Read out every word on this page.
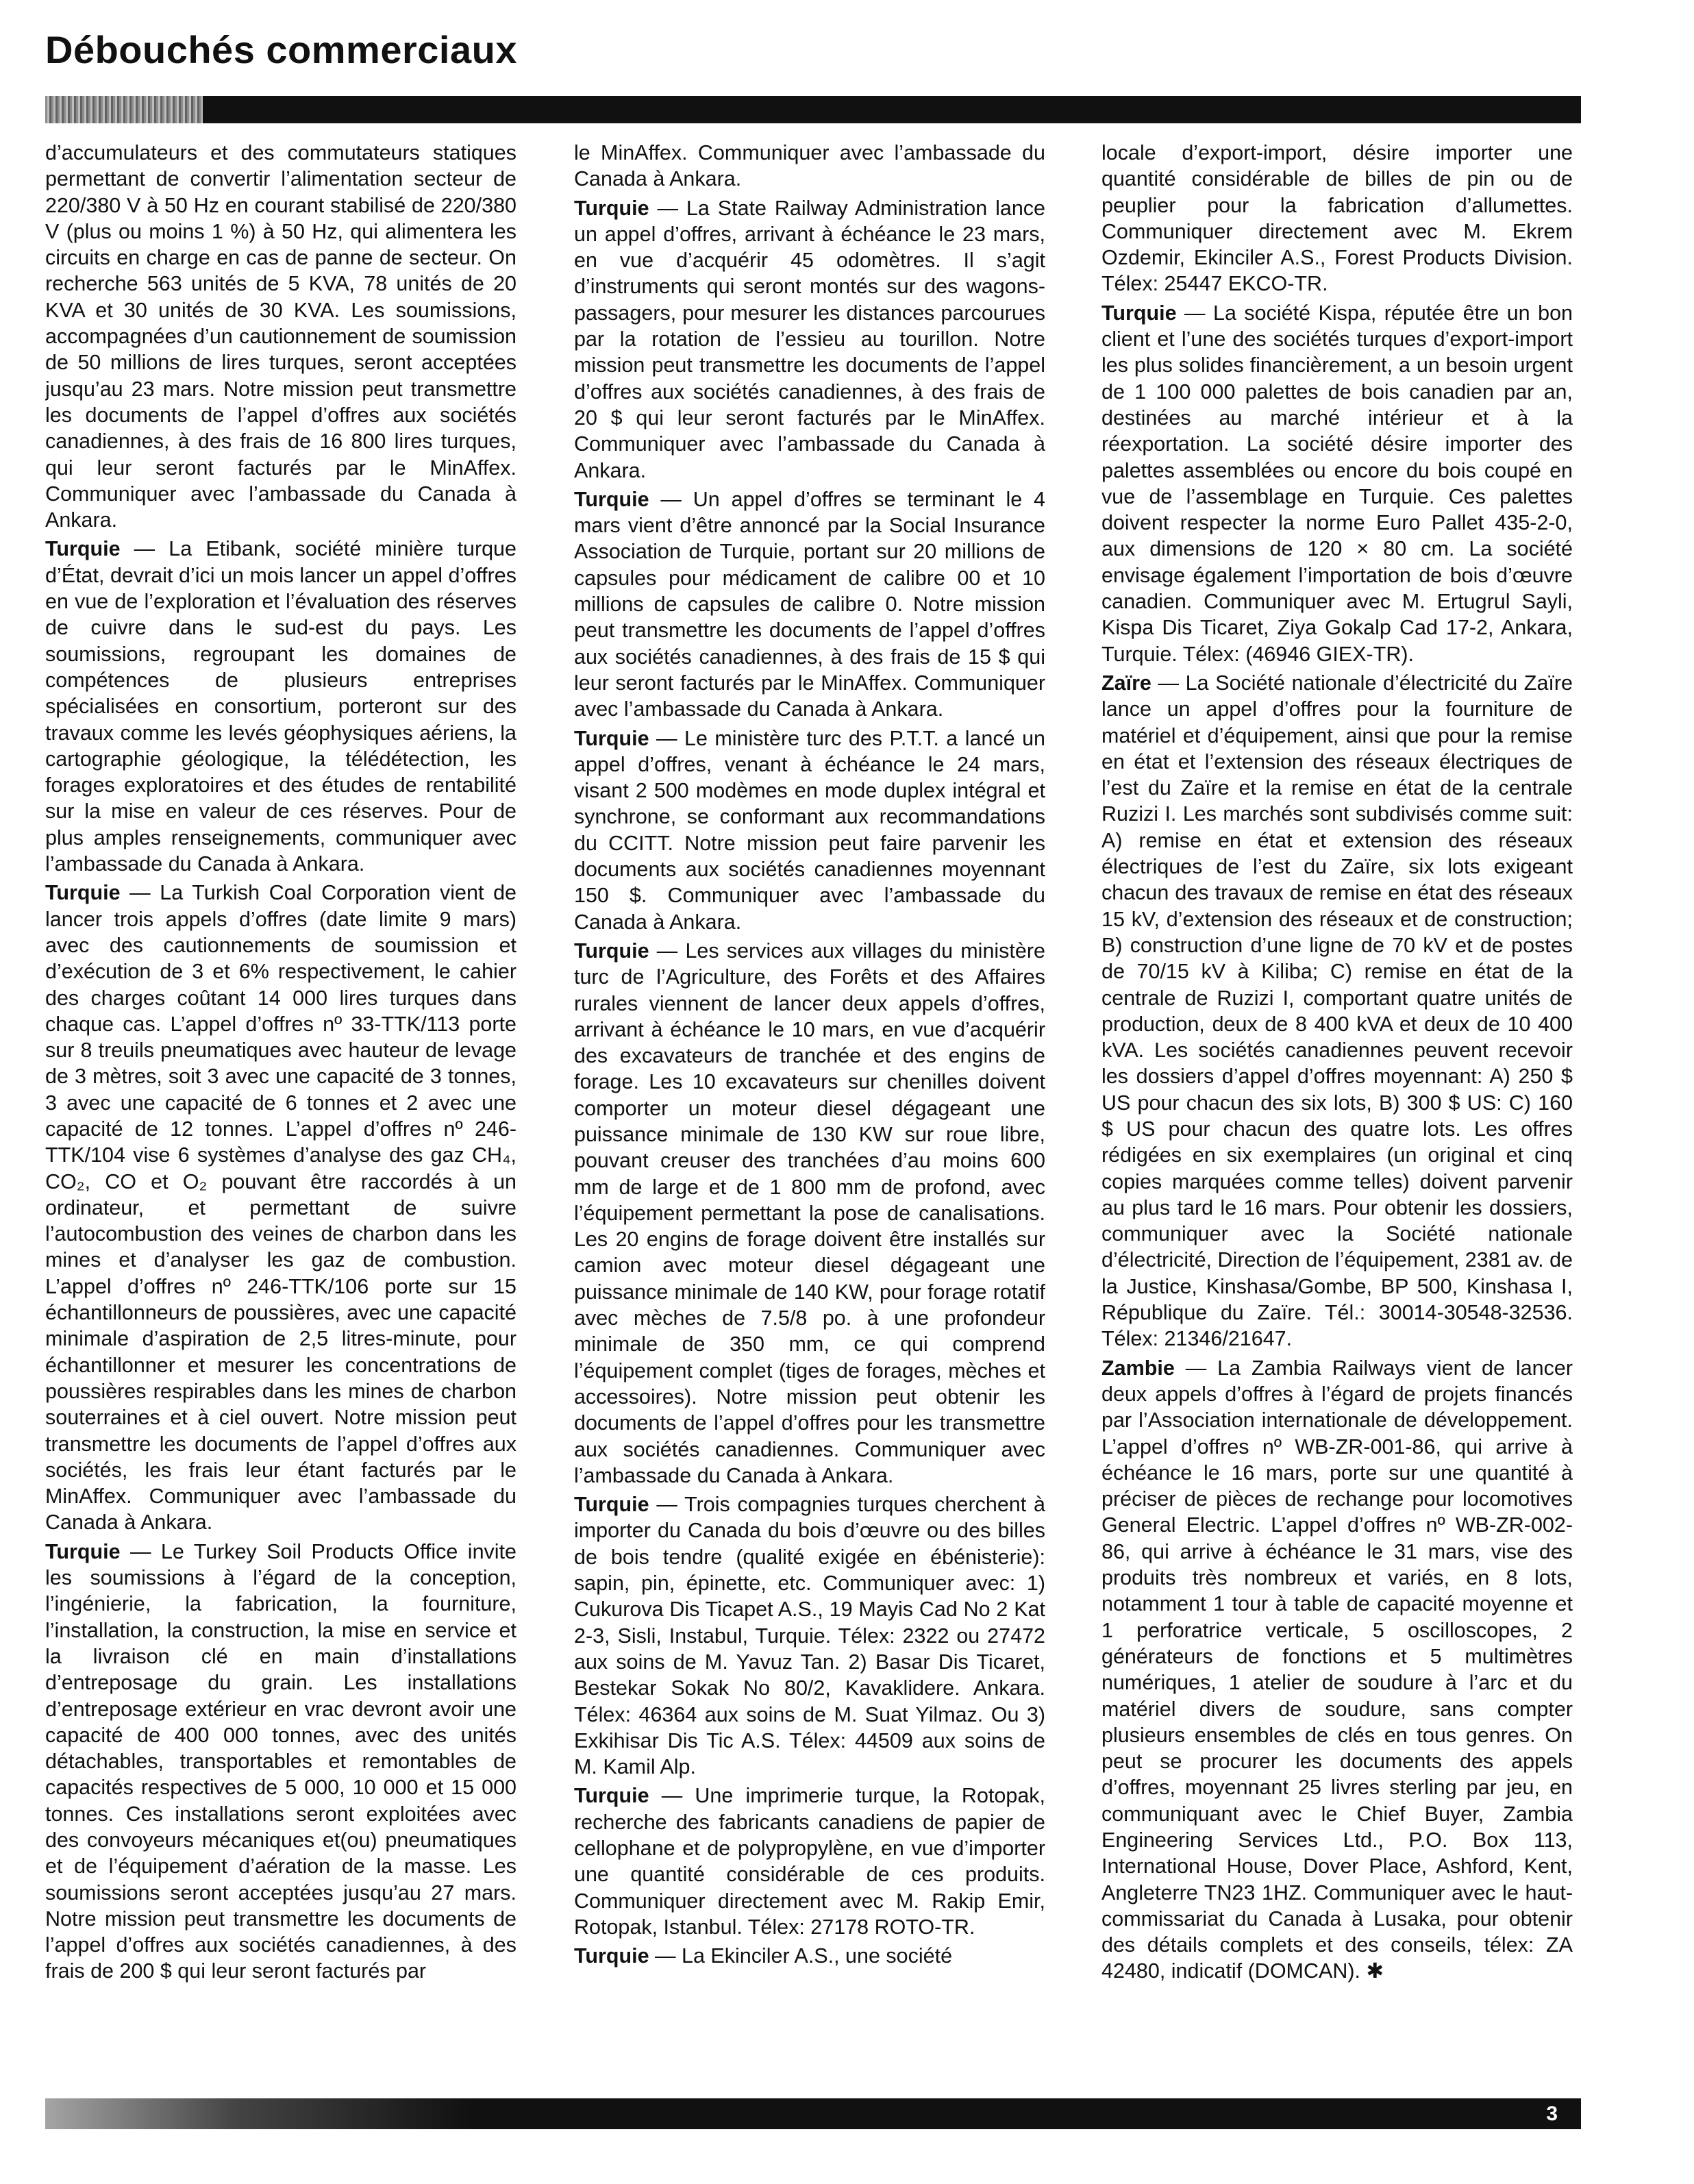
Débouchés commerciaux

d’accumulateurs et des commutateurs statiques permettant de convertir l’alimentation secteur de 220/380 V à 50 Hz en courant stabilisé de 220/380 V (plus ou moins 1 %) à 50 Hz, qui alimentera les circuits en charge en cas de panne de secteur. On recherche 563 unités de 5 KVA, 78 unités de 20 KVA et 30 unités de 30 KVA. Les soumissions, accompagnées d’un cautionnement de soumission de 50 millions de lires turques, seront acceptées jusqu’au 23 mars. Notre mission peut transmettre les documents de l’appel d’offres aux sociétés canadiennes, à des frais de 16 800 lires turques, qui leur seront facturés par le MinAffex. Communiquer avec l’ambassade du Canada à Ankara.

Turquie — La Etibank, société minière turque d’État, devrait d’ici un mois lancer un appel d’offres en vue de l’exploration et l’évaluation des réserves de cuivre dans le sud-est du pays. Les soumissions, regroupant les domaines de compétences de plusieurs entreprises spécialisées en consortium, porteront sur des travaux comme les levés géophysiques aériens, la cartographie géologique, la télédétection, les forages exploratoires et des études de rentabilité sur la mise en valeur de ces réserves. Pour de plus amples renseignements, communiquer avec l’ambassade du Canada à Ankara.

Turquie — La Turkish Coal Corporation vient de lancer trois appels d’offres (date limite 9 mars) avec des cautionnements de soumission et d’exécution de 3 et 6% respectivement, le cahier des charges coûtant 14 000 lires turques dans chaque cas. L’appel d’offres nº 33-TTK/113 porte sur 8 treuils pneumatiques avec hauteur de levage de 3 mètres, soit 3 avec une capacité de 3 tonnes, 3 avec une capacité de 6 tonnes et 2 avec une capacité de 12 tonnes. L’appel d’offres nº 246-TTK/104 vise 6 systèmes d’analyse des gaz CH₄, CO₂, CO et O₂ pouvant être raccordés à un ordinateur, et permettant de suivre l’autocombustion des veines de charbon dans les mines et d’analyser les gaz de combustion. L’appel d’offres nº 246-TTK/106 porte sur 15 échantillonneurs de poussières, avec une capacité minimale d’aspiration de 2,5 litres-minute, pour échantillonner et mesurer les concentrations de poussières respirables dans les mines de charbon souterraines et à ciel ouvert. Notre mission peut transmettre les documents de l’appel d’offres aux sociétés, les frais leur étant facturés par le MinAffex. Communiquer avec l’ambassade du Canada à Ankara.

Turquie — Le Turkey Soil Products Office invite les soumissions à l’égard de la conception, l’ingénierie, la fabrication, la fourniture, l’installation, la construction, la mise en service et la livraison clé en main d’installations d’entreposage du grain. Les installations d’entreposage extérieur en vrac devront avoir une capacité de 400 000 tonnes, avec des unités détachables, transportables et remontables de capacités respectives de 5 000, 10 000 et 15 000 tonnes. Ces installations seront exploitées avec des convoyeurs mécaniques et(ou) pneumatiques et de l’équipement d’aération de la masse. Les soumissions seront acceptées jusqu’au 27 mars. Notre mission peut transmettre les documents de l’appel d’offres aux sociétés canadiennes, à des frais de 200 $ qui leur seront facturés par

le MinAffex. Communiquer avec l’ambassade du Canada à Ankara.

Turquie — La State Railway Administration lance un appel d’offres, arrivant à échéance le 23 mars, en vue d’acquérir 45 odomètres. Il s’agit d’instruments qui seront montés sur des wagons-passagers, pour mesurer les distances parcourues par la rotation de l’essieu au tourillon. Notre mission peut transmettre les documents de l’appel d’offres aux sociétés canadiennes, à des frais de 20 $ qui leur seront facturés par le MinAffex. Communiquer avec l’ambassade du Canada à Ankara.

Turquie — Un appel d’offres se terminant le 4 mars vient d’être annoncé par la Social Insurance Association de Turquie, portant sur 20 millions de capsules pour médicament de calibre 00 et 10 millions de capsules de calibre 0. Notre mission peut transmettre les documents de l’appel d’offres aux sociétés canadiennes, à des frais de 15 $ qui leur seront facturés par le MinAffex. Communiquer avec l’ambassade du Canada à Ankara.

Turquie — Le ministère turc des P.T.T. a lancé un appel d’offres, venant à échéance le 24 mars, visant 2 500 modèmes en mode duplex intégral et synchrone, se conformant aux recommandations du CCITT. Notre mission peut faire parvenir les documents aux sociétés canadiennes moyennant 150 $. Communiquer avec l’ambassade du Canada à Ankara.

Turquie — Les services aux villages du ministère turc de l’Agriculture, des Forêts et des Affaires rurales viennent de lancer deux appels d’offres, arrivant à échéance le 10 mars, en vue d’acquérir des excavateurs de tranchée et des engins de forage. Les 10 excavateurs sur chenilles doivent comporter un moteur diesel dégageant une puissance minimale de 130 KW sur roue libre, pouvant creuser des tranchées d’au moins 600 mm de large et de 1 800 mm de profond, avec l’équipement permettant la pose de canalisations. Les 20 engins de forage doivent être installés sur camion avec moteur diesel dégageant une puissance minimale de 140 KW, pour forage rotatif avec mèches de 7.5/8 po. à une profondeur minimale de 350 mm, ce qui comprend l’équipement complet (tiges de forages, mèches et accessoires). Notre mission peut obtenir les documents de l’appel d’offres pour les transmettre aux sociétés canadiennes. Communiquer avec l’ambassade du Canada à Ankara.

Turquie — Trois compagnies turques cherchent à importer du Canada du bois d’œuvre ou des billes de bois tendre (qualité exigée en ébénisterie): sapin, pin, épinette, etc. Communiquer avec: 1) Cukurova Dis Ticapet A.S., 19 Mayis Cad No 2 Kat 2-3, Sisli, Instabul, Turquie. Télex: 2322 ou 27472 aux soins de M. Yavuz Tan. 2) Basar Dis Ticaret, Bestekar Sokak No 80/2, Kavaklidere. Ankara. Télex: 46364 aux soins de M. Suat Yilmaz. Ou 3) Exkihisar Dis Tic A.S. Télex: 44509 aux soins de M. Kamil Alp.

Turquie — Une imprimerie turque, la Rotopak, recherche des fabricants canadiens de papier de cellophane et de polypropylène, en vue d’importer une quantité considérable de ces produits. Communiquer directement avec M. Rakip Emir, Rotopak, Istanbul. Télex: 27178 ROTO-TR.

Turquie — La Ekinciler A.S., une société

locale d’export-import, désire importer une quantité considérable de billes de pin ou de peuplier pour la fabrication d’allumettes. Communiquer directement avec M. Ekrem Ozdemir, Ekinciler A.S., Forest Products Division. Télex: 25447 EKCO-TR.

Turquie — La société Kispa, réputée être un bon client et l’une des sociétés turques d’export-import les plus solides financièrement, a un besoin urgent de 1 100 000 palettes de bois canadien par an, destinées au marché intérieur et à la réexportation. La société désire importer des palettes assemblées ou encore du bois coupé en vue de l’assemblage en Turquie. Ces palettes doivent respecter la norme Euro Pallet 435-2-0, aux dimensions de 120 × 80 cm. La société envisage également l’importation de bois d’œuvre canadien. Communiquer avec M. Ertugrul Sayli, Kispa Dis Ticaret, Ziya Gokalp Cad 17-2, Ankara, Turquie. Télex: (46946 GIEX-TR).

Zaïre — La Société nationale d’électricité du Zaïre lance un appel d’offres pour la fourniture de matériel et d’équipement, ainsi que pour la remise en état et l’extension des réseaux électriques de l’est du Zaïre et la remise en état de la centrale Ruzizi I. Les marchés sont subdivisés comme suit: A) remise en état et extension des réseaux électriques de l’est du Zaïre, six lots exigeant chacun des travaux de remise en état des réseaux 15 kV, d’extension des réseaux et de construction; B) construction d’une ligne de 70 kV et de postes de 70/15 kV à Kiliba; C) remise en état de la centrale de Ruzizi I, comportant quatre unités de production, deux de 8 400 kVA et deux de 10 400 kVA. Les sociétés canadiennes peuvent recevoir les dossiers d’appel d’offres moyennant: A) 250 $ US pour chacun des six lots, B) 300 $ US: C) 160 $ US pour chacun des quatre lots. Les offres rédigées en six exemplaires (un original et cinq copies marquées comme telles) doivent parvenir au plus tard le 16 mars. Pour obtenir les dossiers, communiquer avec la Société nationale d’électricité, Direction de l’équipement, 2381 av. de la Justice, Kinshasa/Gombe, BP 500, Kinshasa I, République du Zaïre. Tél.: 30014-30548-32536. Télex: 21346/21647.

Zambie — La Zambia Railways vient de lancer deux appels d’offres à l’égard de projets financés par l’Association internationale de développement. L’appel d’offres nº WB-ZR-001-86, qui arrive à échéance le 16 mars, porte sur une quantité à préciser de pièces de rechange pour locomotives General Electric. L’appel d’offres nº WB-ZR-002-86, qui arrive à échéance le 31 mars, vise des produits très nombreux et variés, en 8 lots, notamment 1 tour à table de capacité moyenne et 1 perforatrice verticale, 5 oscilloscopes, 2 générateurs de fonctions et 5 multimètres numériques, 1 atelier de soudure à l’arc et du matériel divers de soudure, sans compter plusieurs ensembles de clés en tous genres. On peut se procurer les documents des appels d’offres, moyennant 25 livres sterling par jeu, en communiquant avec le Chief Buyer, Zambia Engineering Services Ltd., P.O. Box 113, International House, Dover Place, Ashford, Kent, Angleterre TN23 1HZ. Communiquer avec le haut-commissariat du Canada à Lusaka, pour obtenir des détails complets et des conseils, télex: ZA 42480, indicatif (DOMCAN). ✱

3
